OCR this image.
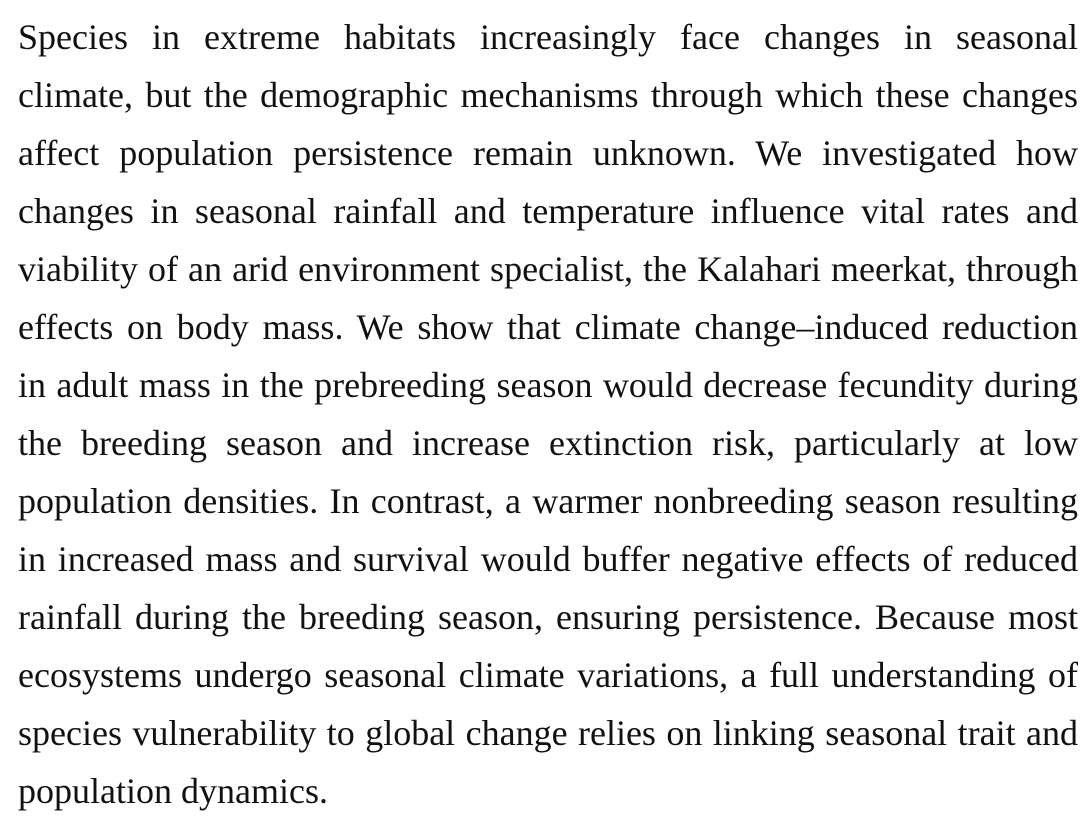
Species in extreme habitats increasingly face changes in seasonal
climate, but the demographic mechanisms through which these changes
affect population persistence remain unknown. We investigated how
changes in seasonal rainfall and temperature influence vital rates and
viability of an arid environment specialist, the Kalahari meerkat, through
effects on body mass. We show that climate change–induced reduction
in adult mass in the prebreeding season would decrease fecundity during
the breeding season and increase extinction risk, particularly at low
population densities. In contrast, a warmer nonbreeding season resulting
in increased mass and survival would buffer negative effects of reduced
rainfall during the breeding season, ensuring persistence. Because most
ecosystems undergo seasonal climate variations, a full understanding of
species vulnerability to global change relies on linking seasonal trait and
population dynamics.
